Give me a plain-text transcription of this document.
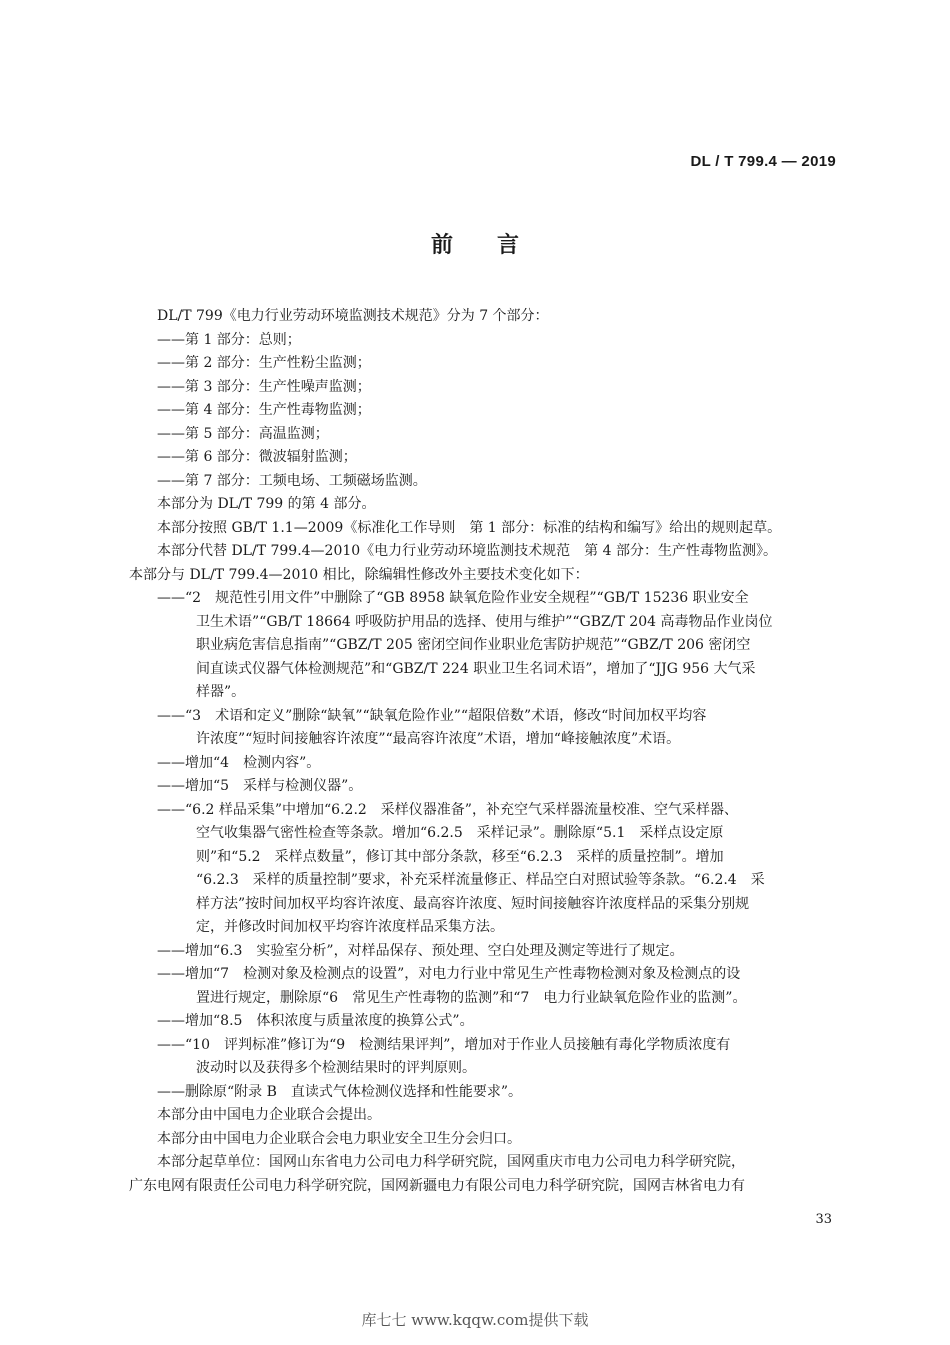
DL / T 799.4 — 2019
前 言
DL/T 799《电力行业劳动环境监测技术规范》分为 7 个部分：
——第 1 部分：总则；
——第 2 部分：生产性粉尘监测；
——第 3 部分：生产性噪声监测；
——第 4 部分：生产性毒物监测；
——第 5 部分：高温监测；
——第 6 部分：微波辐射监测；
——第 7 部分：工频电场、工频磁场监测。
本部分为 DL/T 799 的第 4 部分。
本部分按照 GB/T 1.1—2009《标准化工作导则　第 1 部分：标准的结构和编写》给出的规则起草。
本部分代替 DL/T 799.4—2010《电力行业劳动环境监测技术规范　第 4 部分：生产性毒物监测》。
本部分与 DL/T 799.4—2010 相比，除编辑性修改外主要技术变化如下：
——“2　规范性引用文件”中删除了“GB 8958 缺氧危险作业安全规程”“GB/T 15236 职业安全
卫生术语”“GB/T 18664 呼吸防护用品的选择、使用与维护”“GBZ/T 204 高毒物品作业岗位
职业病危害信息指南”“GBZ/T 205 密闭空间作业职业危害防护规范”“GBZ/T 206 密闭空
间直读式仪器气体检测规范”和“GBZ/T 224 职业卫生名词术语”，增加了“JJG 956 大气采
样器”。
——“3　术语和定义”删除“缺氧”“缺氧危险作业”“超限倍数”术语，修改“时间加权平均容
许浓度”“短时间接触容许浓度”“最高容许浓度”术语，增加“峰接触浓度”术语。
——增加“4　检测内容”。
——增加“5　采样与检测仪器”。
——“6.2 样品采集”中增加“6.2.2　采样仪器准备”，补充空气采样器流量校准、空气采样器、
空气收集器气密性检查等条款。增加“6.2.5　采样记录”。删除原“5.1　采样点设定原
则”和“5.2　采样点数量”，修订其中部分条款，移至“6.2.3　采样的质量控制”。增加
“6.2.3　采样的质量控制”要求，补充采样流量修正、样品空白对照试验等条款。“6.2.4　采
样方法”按时间加权平均容许浓度、最高容许浓度、短时间接触容许浓度样品的采集分别规
定，并修改时间加权平均容许浓度样品采集方法。
——增加“6.3　实验室分析”，对样品保存、预处理、空白处理及测定等进行了规定。
——增加“7　检测对象及检测点的设置”，对电力行业中常见生产性毒物检测对象及检测点的设
置进行规定，删除原“6　常见生产性毒物的监测”和“7　电力行业缺氧危险作业的监测”。
——增加“8.5　体积浓度与质量浓度的换算公式”。
——“10　评判标准”修订为“9　检测结果评判”，增加对于作业人员接触有毒化学物质浓度有
波动时以及获得多个检测结果时的评判原则。
——删除原“附录 B　直读式气体检测仪选择和性能要求”。
本部分由中国电力企业联合会提出。
本部分由中国电力企业联合会电力职业安全卫生分会归口。
本部分起草单位：国网山东省电力公司电力科学研究院，国网重庆市电力公司电力科学研究院，
广东电网有限责任公司电力科学研究院，国网新疆电力有限公司电力科学研究院，国网吉林省电力有
33
库七七 www.kqqw.com提供下载
